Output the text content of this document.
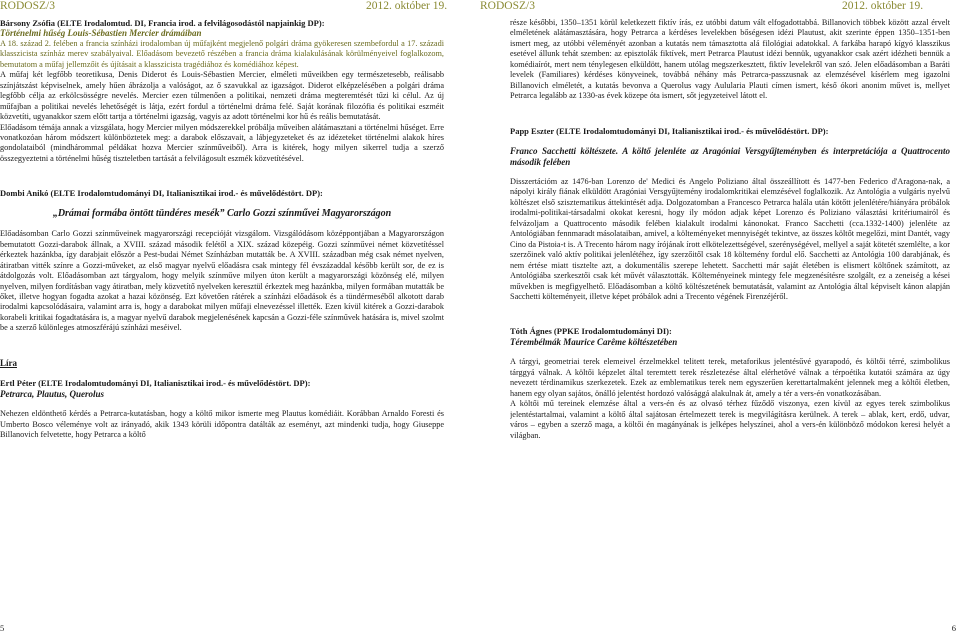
RODOSZ/3	2012. október 19.

Bársony Zsófia (ELTE Irodalomtud. DI, Francia irod. a felvilágosodástól napjainkig DP):

Történelmi hűség Louis-Sébastien Mercier drámáiban

A 18. század 2. felében a francia színházi irodalomban új műfajként megjelenő polgári dráma gyökeresen szembefordul a 17. századi klasszicista színház merev szabályaival. Előadásom bevezető részében a francia dráma kialakulásának körülményeivel foglalkozom, bemutatom a műfaj jellemzőit és újításait a klasszicista tragédiához és komédiához képest.

A műfaj két legfőbb teoretikusa, Denis Diderot és Louis-Sébastien Mercier, elméleti műveikben egy természetesebb, reálisabb színjátszást képviselnek, amely hűen ábrázolja a valóságot, az ő szavukkal az igazságot. Diderot elképzelésében a polgári dráma legfőbb célja az erkölcsösségre nevelés. Mercier ezen túlmenően a politikai, nemzeti dráma megteremtését tűzi ki célul. Az új műfajban a politikai nevelés lehetőségét is látja, ezért fordul a történelmi dráma felé. Saját korának filozófia és politikai eszméit közvetíti, ugyanakkor szem előtt tartja a történelmi igazság, vagyis az adott történelmi kor hű és reális bemutatását.

Előadásom témája annak a vizsgálata, hogy Mercier milyen módszerekkel próbálja műveiben alátámasztani a történelmi hűséget. Erre vonatkozóan három módszert különböztetek meg: a darabok előszavait, a lábjegyzeteket és az idézeteket történelmi alakok híres gondolataiból (mindhárommal példákat hozva Mercier színműveiből). Arra is kitérek, hogy milyen sikerrel tudja a szerző összegyeztetni a történelmi hűség tiszteletben tartását a felvilágosult eszmék közvetítésével.

Dombi Anikó (ELTE Irodalomtudományi DI, Italianisztikai irod.- és művelődéstört. DP):

„Drámai formába öntött tündéres mesék” Carlo Gozzi színművei Magyarországon

Előadásomban Carlo Gozzi színműveinek magyarországi recepcióját vizsgálom. Vizsgálódásom középpontjában a Magyarországon bemutatott Gozzi-darabok állnak, a XVIII. század második felétől a XIX. század közepéig. Gozzi színművei német közvetítéssel érkeztek hazánkba, így darabjait először a Pest-budai Német Színházban mutatták be. A XVIII. században még csak német nyelven, átiratban vitték színre a Gozzi-műveket, az első magyar nyelvű előadásra csak mintegy fél évszázaddal később került sor, de ez is átdolgozás volt. Előadásomban azt tárgyalom, hogy melyik színműve milyen úton került a magyarországi közönség elé, milyen nyelven, milyen fordításban vagy átiratban, mely közvetítő nyelveken keresztül érkeztek meg hazánkba, milyen formában mutatták be őket, illetve hogyan fogadta azokat a hazai közönség. Ezt követően rátérek a színházi előadások és a tündérmeséből alkotott darab irodalmi kapcsolódásaira, valamint arra is, hogy a darabokat milyen műfaji elnevezéssel illették. Ezen kívül kitérek a Gozzi-darabok korabeli kritikai fogadtatására is, a magyar nyelvű darabok megjelenésének kapcsán a Gozzi-féle színművek hatására is, mivel szolmt be a szerző különleges atmoszférájú színházi meséivel.

Líra

Ertl Péter (ELTE Irodalomtudományi DI, Italianisztikai irod.- és művelődéstört. DP):

Petrarca, Plautus, Querolus

Nehezen eldönthető kérdés a Petrarca-kutatásban, hogy a költő mikor ismerte meg Plautus komédiáit. Korábban Arnaldo Foresti és Umberto Bosco véleménye volt az irányadó, akik 1343 körüli időpontra datálták az eseményt, azt mindenki tudja, hogy Giuseppe Billanovich felvetette, hogy Petrarca a költő

5
RODOSZ/3	2012. október 19.

része későbbi, 1350–1351 körül keletkezett fiktív írás, ez utóbbi datum vált elfogadottabbá. Billanovich többek között azzal érvelt elméletének alátámasztására, hogy Petrarca a kérdéses levelekben bőségesen idézi Plautust, akit szerinte éppen 1350–1351-ben ismert meg, az utóbbi véleményét azonban a kutatás nem támasztotta alá filológiai adatokkal. A farkába harapó kígyó klasszikus esetével állunk tehát szemben: az episztolák fiktívek, mert Petrarca Plautust idézi bennük, ugyanakkor csak azért idézheti bennük a komédiaírót, mert nem ténylegesen elküldött, hanem utólag megszerkesztett, fiktív levelekről van szó. Jelen előadásomban a Baráti levelek (Familiares) kérdéses könyveinek, továbbá néhány más Petrarca-passzusnak az elemzésével kísérlem meg igazolni Billanovich elméletét, a kutatás bevonva a Querolus vagy Aulularia Plauti címen ismert, késő ókori anonim művet is, mellyet Petrarca legalább az 1330-as évek közepe óta ismert, sőt jegyzeteivel látott el.

Papp Eszter (ELTE Irodalomtudományi DI, Italianisztikai irod.- és művelődéstört. DP):

Franco Sacchetti költészete. A költő jelenléte az Aragóniai Versgyűjteményben és interpretációja a Quattrocento második felében

Disszertációm az 1476-ban Lorenzo de' Medici és Angelo Poliziano által összeállított és 1477-ben Federico d'Aragona-nak, a nápolyi király fiának elküldött Aragóniai Versgyűjtemény irodalomkritikai elemzésével foglalkozik. Az Antológia a vulgáris nyelvű költészet első szisztematikus áttekintését adja. Dolgozatomban a Francesco Petrarca halála után kötőtt jelenlétére/hiányára próbálok irodalmi-politikai-társadalmi okokat keresni, hogy ily módon adjak képet Lorenzo és Poliziano választási kritériumairól és felvázoljam a Quattrocento második felében kialakult irodalmi kánonokat. Franco Sacchetti (cca.1332-1400) jelenléte az Antológiában fennmaradt másolataiban, amivel, a költeményeket mennyiségét tekintve, az összes költőt megelőzi, mint Dantét, vagy Cino da Pistoia-t is. A Trecento három nagy írójának írott elkötelezettségével, szerénységével, mellyel a saját kötetét szemlélte, a kor szerzőinek való aktív politikai jelenlétéhez, így szerzőitől csak 18 költemény fordul elő. Sacchetti az Antológia 100 darabjának, és nem értése miatt tisztelte azt, a dokumentális szerepe lehetett. Sacchetti már saját életében is elismert költőnek számított, az Antológiába szerkesztői csak két művét választották. Költeményeinek mintegy fele megzenésítésre szolgált, ez a zeneiség a kései művekben is megfigyelhető. Előadásomban a költő költészetének bemutatását, valamint az Antológia által képviselt kánon alapján Sacchetti költeményeit, illetve képet próbálok adni a Trecento végének Firenzéjéről.

Tóth Ágnes (PPKE Irodalomtudományi DI):

Térembélmák Maurice Carême költészetében

A tárgyi, geometriai terek elemeivel érzelmekkel telitett terek, metaforikus jelentésűvé gyarapodó, és költői térré, szimbolikus tárggyá válnak. A költői képzelet által teremtett terek részletezése által elérhetővé válnak a térpoétika kutatói számára az úgy nevezett térdinamikus szerkezetek. Ezek az emblematikus terek nem egyszerűen kerettartalmaként jelennek meg a költői életben, hanem egy olyan sajátos, önálló jelentést hordozó valósággá alakulnak át, amely a tér a vers-én vonatkozásában.

A költői mű tereinek elemzése által a vers-én és az olvasó térhez fűződő viszonya, ezen kívül az egyes terek szimbolikus jelentéstartalmai, valamint a költő által sajátosan értelmezett terek is megvilágításra kerülnek. A terek – ablak, kert, erdő, udvar, város – egyben a szerző maga, a költői én magányának is jelképes helyszínei, ahol a vers-én különböző módokon keresi helyét a világban.

6
